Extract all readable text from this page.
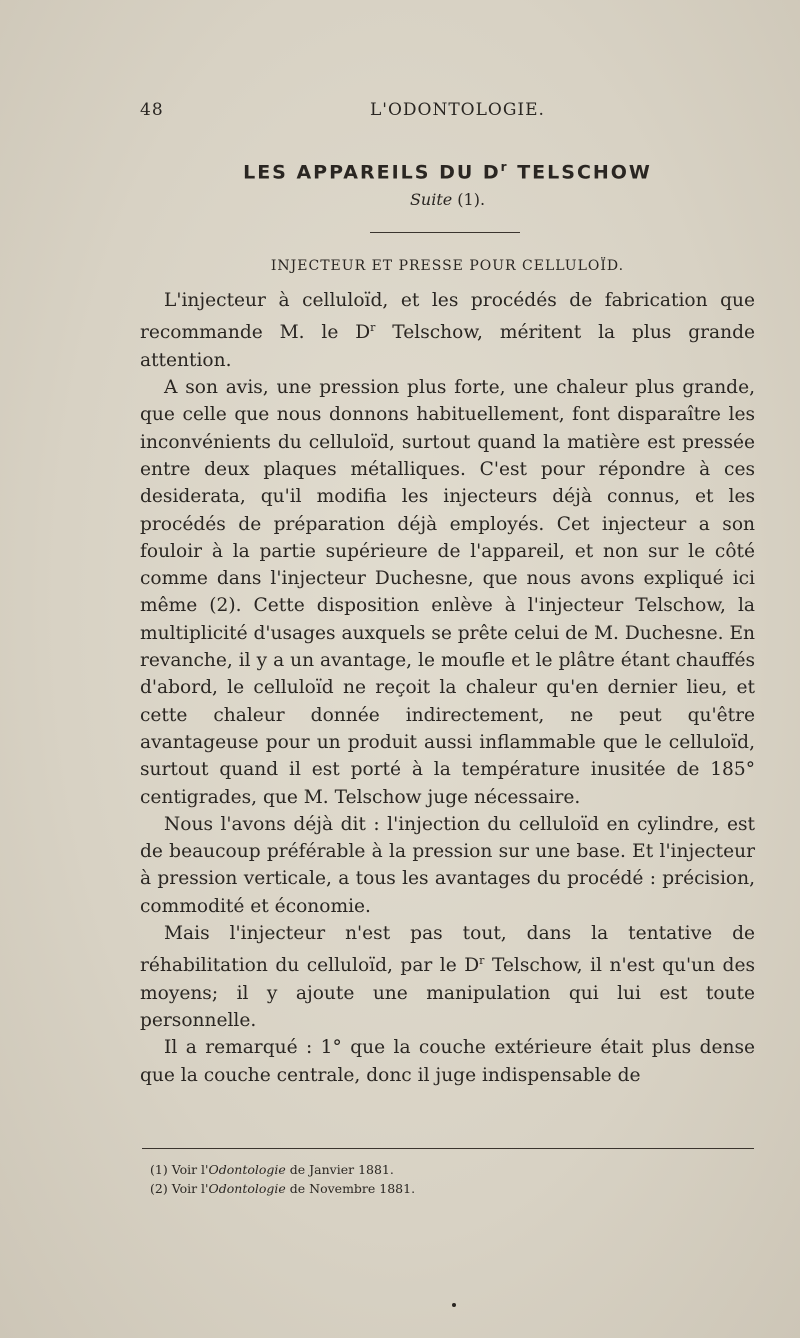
48	L'ODONTOLOGIE.
LES APPAREILS DU $D^r$ TELSCHOW
Suite (1).
INJECTEUR ET PRESSE POUR CELLULOÏD.

L'injecteur à celluloïd, et les procédés de fabrication que recommande M. le $D^r$ Telschow, méritent la plus grande attention.

A son avis, une pression plus forte, une chaleur plus grande, que celle que nous donnons habituellement, font disparaître les inconvénients du celluloïd, surtout quand la matière est pressée entre deux plaques métalliques. C'est pour répondre à ces desiderata, qu'il modifia les injecteurs déjà connus, et les procédés de préparation déjà employés. Cet injecteur a son fouloir à la partie supérieure de l'appareil, et non sur le côté comme dans l'injecteur Duchesne, que nous avons expliqué ici même (2). Cette disposition enlève à l'injecteur Telschow, la multiplicité d'usages auxquels se prête celui de M. Duchesne. En revanche, il y a un avantage, le moufle et le plâtre étant chauffés d'abord, le celluloïd ne reçoit la chaleur qu'en dernier lieu, et cette chaleur donnée indirectement, ne peut qu'être avantageuse pour un produit aussi inflammable que le celluloïd, surtout quand il est porté à la température inusitée de 185° centigrades, que M. Telschow juge nécessaire.

Nous l'avons déjà dit : l'injection du celluloïd en cylindre, est de beaucoup préférable à la pression sur une base. Et l'injecteur à pression verticale, a tous les avantages du procédé : précision, commodité et économie.

Mais l'injecteur n'est pas tout, dans la tentative de réhabilitation du celluloïd, par le $D^r$ Telschow, il n'est qu'un des moyens; il y ajoute une manipulation qui lui est toute personnelle.

Il a remarqué : 1° que la couche extérieure était plus dense que la couche centrale, donc il juge indispensable de

(1) Voir l'Odontologie de Janvier 1881.

(2) Voir l'Odontologie de Novembre 1881.
